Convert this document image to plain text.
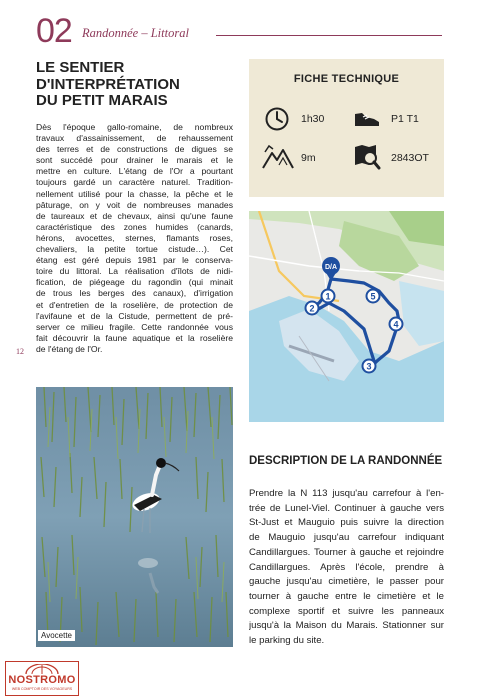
02 Randonnée – Littoral
LE SENTIER
D'INTERPRÉTATION
DU PETIT MARAIS
Dès l'époque gallo-romaine, de nombreux
travaux d'assainissement, de rehaussement
des terres et de constructions de digues se
sont succédé pour drainer le marais et le
mettre en culture. L'étang de l'Or a pourtant
toujours gardé un caractère naturel. Tradition-
nellement utilisé pour la chasse, la pêche et le
pâturage, on y voit de nombreuses manades
de taureaux et de chevaux, ainsi qu'une faune
caractéristique des zones humides (canards,
hérons, avocettes, sternes, flamants roses,
chevaliers, la petite tortue cistude…). Cet
étang est géré depuis 1981 par le conserva-
toire du littoral. La réalisation d'îlots de nidi-
fication, de piégeage du ragondin (qui minait
de trous les berges des canaux), d'irrigation
et d'entretien de la roselière, de protection de
l'avifaune et de la Cistude, permettent de pré-
server ce milieu fragile. Cette randonnée vous
fait découvrir la faune aquatique et la roselière
de l'étang de l'Or.
12
FICHE TECHNIQUE
1h30	P1 T1
9m	2843OT
D/A
1
2
3
4
5
Avocette
DESCRIPTION DE LA RANDONNÉE
Prendre la N 113 jusqu'au carrefour à l'en-
trée de Lunel-Viel. Continuer à gauche vers
St-Just et Mauguio puis suivre la direction
de Mauguio jusqu'au carrefour indiquant
Candillargues. Tourner à gauche et rejoindre
Candillargues. Après l'école, prendre à
gauche jusqu'au cimetière, le passer pour
tourner à gauche entre le cimetière et le
complexe sportif et suivre les panneaux
jusqu'à la Maison du Marais. Stationner sur
le parking du site.
NOSTROMO
WEB COMPTOIR DES VOYAGEURS
